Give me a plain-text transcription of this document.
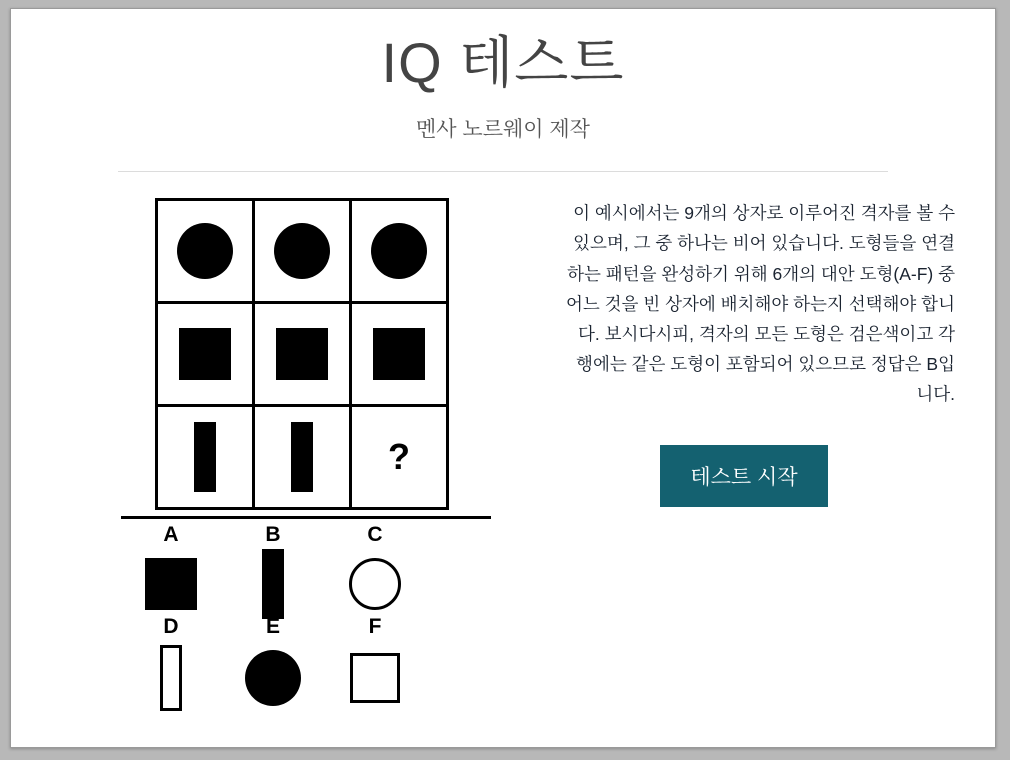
IQ 테스트
멘사 노르웨이 제작

		?
A	B	C
D	E	F

이 예시에서는 9개의 상자로 이루어진 격자를 볼 수 있으며, 그 중 하나는 비어 있습니다. 도형들을 연결하는 패턴을 완성하기 위해 6개의 대안 도형(A-F) 중 어느 것을 빈 상자에 배치해야 하는지 선택해야 합니다. 보시다시피, 격자의 모든 도형은 검은색이고 각 행에는 같은 도형이 포함되어 있으므로 정답은 B입니다.

테스트 시작
